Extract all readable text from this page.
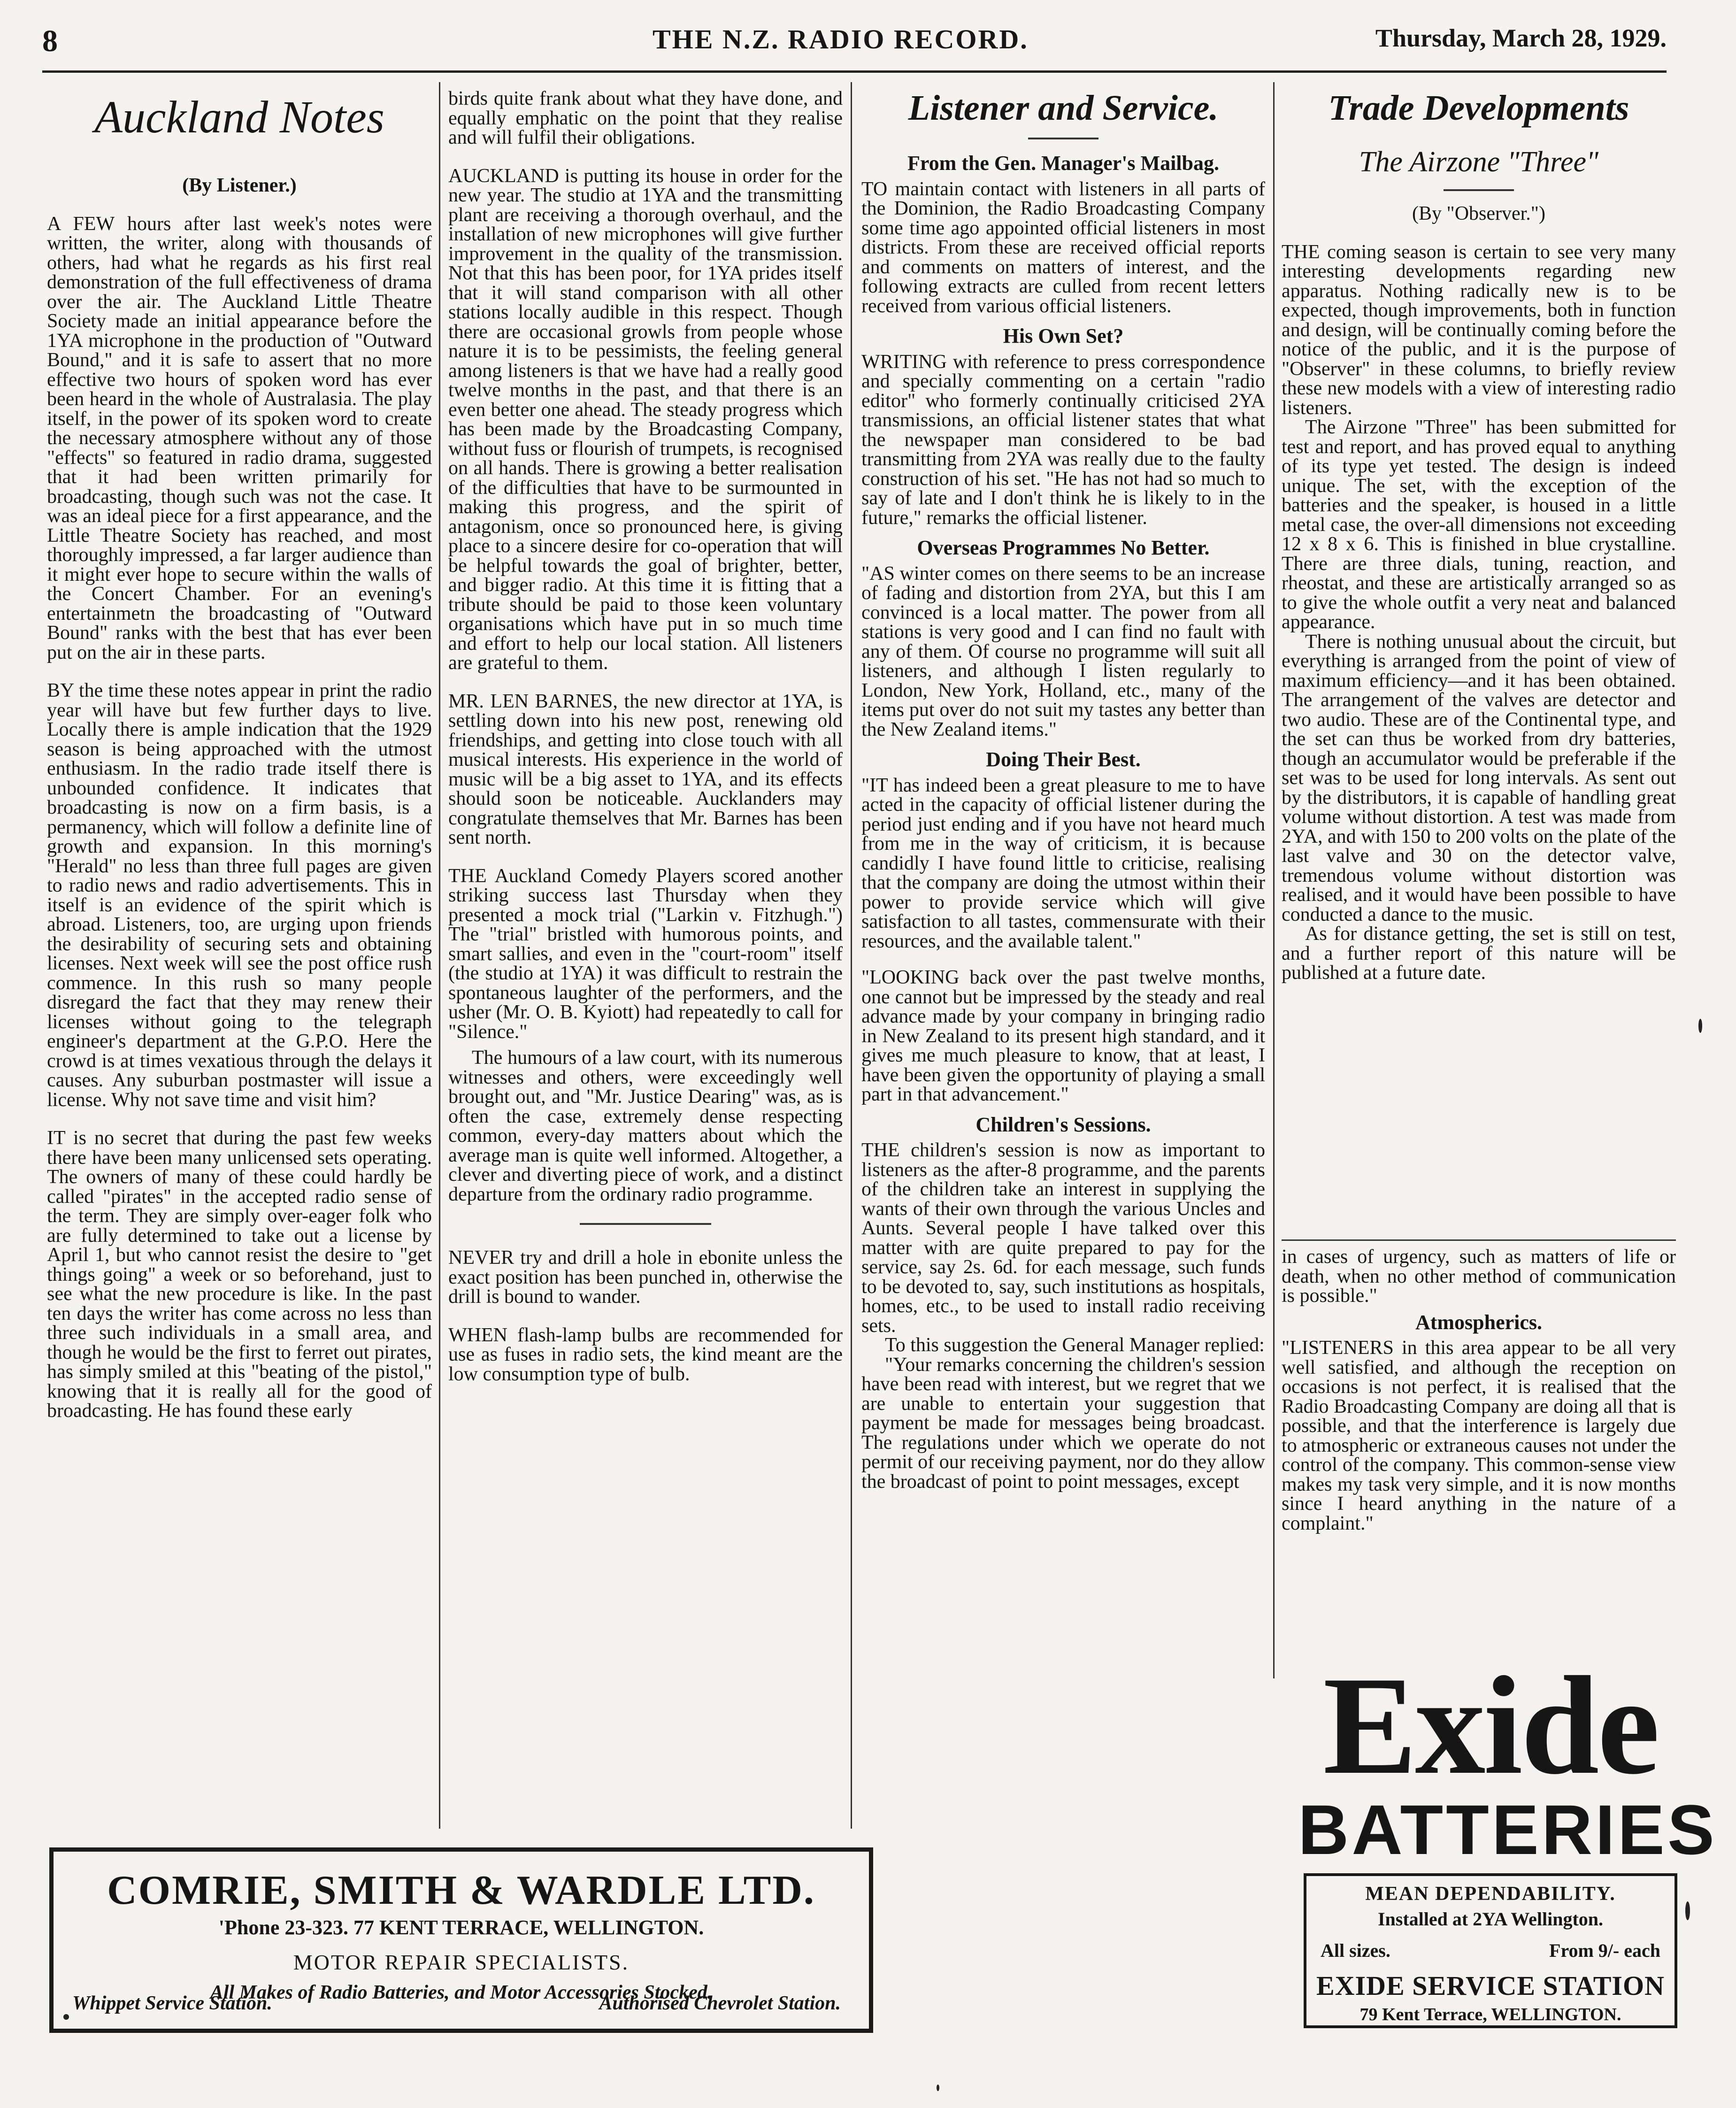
8	THE N.Z. RADIO RECORD.	Thursday, March 28, 1929.
Auckland Notes
(By Listener.)
A FEW hours after last week's notes were written, the writer, along with thousands of others, had what he regards as his first real demonstration of the full effectiveness of drama over the air. The Auckland Little Theatre Society made an initial appearance before the 1YA microphone in the production of "Outward Bound," and it is safe to assert that no more effective two hours of spoken word has ever been heard in the whole of Australasia. The play itself, in the power of its spoken word to create the necessary atmosphere without any of those "effects" so featured in radio drama, suggested that it had been written primarily for broadcasting, though such was not the case. It was an ideal piece for a first appearance, and the Little Theatre Society has reached, and most thoroughly impressed, a far larger audience than it might ever hope to secure within the walls of the Concert Chamber. For an evening's entertainmetn the broadcasting of "Outward Bound" ranks with the best that has ever been put on the air in these parts.
BY the time these notes appear in print the radio year will have but few further days to live. Locally there is ample indication that the 1929 season is being approached with the utmost enthusiasm. In the radio trade itself there is unbounded confidence. It indicates that broadcasting is now on a firm basis, is a permanency, which will follow a definite line of growth and expansion. In this morning's "Herald" no less than three full pages are given to radio news and radio advertisements. This in itself is an evidence of the spirit which is abroad. Listeners, too, are urging upon friends the desirability of securing sets and obtaining licenses. Next week will see the post office rush commence. In this rush so many people disregard the fact that they may renew their licenses without going to the telegraph engineer's department at the G.P.O. Here the crowd is at times vexatious through the delays it causes. Any suburban postmaster will issue a license. Why not save time and visit him?
IT is no secret that during the past few weeks there have been many unlicensed sets operating. The owners of many of these could hardly be called "pirates" in the accepted radio sense of the term. They are simply over-eager folk who are fully determined to take out a license by April 1, but who cannot resist the desire to "get things going" a week or so beforehand, just to see what the new procedure is like. In the past ten days the writer has come across no less than three such individuals in a small area, and though he would be the first to ferret out pirates, has simply smiled at this "beating of the pistol," knowing that it is really all for the good of broadcasting. He has found these early
birds quite frank about what they have done, and equally emphatic on the point that they realise and will fulfil their obligations.
AUCKLAND is putting its house in order for the new year. The studio at 1YA and the transmitting plant are receiving a thorough overhaul, and the installation of new microphones will give further improvement in the quality of the transmission. Not that this has been poor, for 1YA prides itself that it will stand comparison with all other stations locally audible in this respect. Though there are occasional growls from people whose nature it is to be pessimists, the feeling general among listeners is that we have had a really good twelve months in the past, and that there is an even better one ahead. The steady progress which has been made by the Broadcasting Company, without fuss or flourish of trumpets, is recognised on all hands. There is growing a better realisation of the difficulties that have to be surmounted in making this progress, and the spirit of antagonism, once so pronounced here, is giving place to a sincere desire for co-operation that will be helpful towards the goal of brighter, better, and bigger radio. At this time it is fitting that a tribute should be paid to those keen voluntary organisations which have put in so much time and effort to help our local station. All listeners are grateful to them.
MR. LEN BARNES, the new director at 1YA, is settling down into his new post, renewing old friendships, and getting into close touch with all musical interests. His experience in the world of music will be a big asset to 1YA, and its effects should soon be noticeable. Aucklanders may congratulate themselves that Mr. Barnes has been sent north.
THE Auckland Comedy Players scored another striking success last Thursday when they presented a mock trial ("Larkin v. Fitzhugh.") The "trial" bristled with humorous points, and smart sallies, and even in the "court-room" itself (the studio at 1YA) it was difficult to restrain the spontaneous laughter of the performers, and the usher (Mr. O. B. Kyiott) had repeatedly to call for "Silence."
The humours of a law court, with its numerous witnesses and others, were exceedingly well brought out, and "Mr. Justice Dearing" was, as is often the case, extremely dense respecting common, every-day matters about which the average man is quite well informed. Altogether, a clever and diverting piece of work, and a distinct departure from the ordinary radio programme.
NEVER try and drill a hole in ebonite unless the exact position has been punched in, otherwise the drill is bound to wander.
WHEN flash-lamp bulbs are recommended for use as fuses in radio sets, the kind meant are the low consumption type of bulb.
Listener and Service.
From the Gen. Manager's Mailbag.
TO maintain contact with listeners in all parts of the Dominion, the Radio Broadcasting Company some time ago appointed official listeners in most districts. From these are received official reports and comments on matters of interest, and the following extracts are culled from recent letters received from various official listeners.
His Own Set?
WRITING with reference to press correspondence and specially commenting on a certain "radio editor" who formerly continually criticised 2YA transmissions, an official listener states that what the newspaper man considered to be bad transmitting from 2YA was really due to the faulty construction of his set. "He has not had so much to say of late and I don't think he is likely to in the future," remarks the official listener.
Overseas Programmes No Better.
"AS winter comes on there seems to be an increase of fading and distortion from 2YA, but this I am convinced is a local matter. The power from all stations is very good and I can find no fault with any of them. Of course no programme will suit all listeners, and although I listen regularly to London, New York, Holland, etc., many of the items put over do not suit my tastes any better than the New Zealand items."
Doing Their Best.
"IT has indeed been a great pleasure to me to have acted in the capacity of official listener during the period just ending and if you have not heard much from me in the way of criticism, it is because candidly I have found little to criticise, realising that the company are doing the utmost within their power to provide service which will give satisfaction to all tastes, commensurate with their resources, and the available talent."
"LOOKING back over the past twelve months, one cannot but be impressed by the steady and real advance made by your company in bringing radio in New Zealand to its present high standard, and it gives me much pleasure to know, that at least, I have been given the opportunity of playing a small part in that advancement."
Children's Sessions.
THE children's session is now as important to listeners as the after-8 programme, and the parents of the children take an interest in supplying the wants of their own through the various Uncles and Aunts. Several people I have talked over this matter with are quite prepared to pay for the service, say 2s. 6d. for each message, such funds to be devoted to, say, such institutions as hospitals, homes, etc., to be used to install radio receiving sets.
To this suggestion the General Manager replied:
"Your remarks concerning the children's session have been read with interest, but we regret that we are unable to entertain your suggestion that payment be made for messages being broadcast. The regulations under which we operate do not permit of our receiving payment, nor do they allow the broadcast of point to point messages, except
Trade Developments
The Airzone "Three"
(By "Observer.")
THE coming season is certain to see very many interesting developments regarding new apparatus. Nothing radically new is to be expected, though improvements, both in function and design, will be continually coming before the notice of the public, and it is the purpose of "Observer" in these columns, to briefly review these new models with a view of interesting radio listeners.
The Airzone "Three" has been submitted for test and report, and has proved equal to anything of its type yet tested. The design is indeed unique. The set, with the exception of the batteries and the speaker, is housed in a little metal case, the over-all dimensions not exceeding 12 x 8 x 6. This is finished in blue crystalline. There are three dials, tuning, reaction, and rheostat, and these are artistically arranged so as to give the whole outfit a very neat and balanced appearance.
There is nothing unusual about the circuit, but everything is arranged from the point of view of maximum efficiency—and it has been obtained. The arrangement of the valves are detector and two audio. These are of the Continental type, and the set can thus be worked from dry batteries, though an accumulator would be preferable if the set was to be used for long intervals. As sent out by the distributors, it is capable of handling great volume without distortion. A test was made from 2YA, and with 150 to 200 volts on the plate of the last valve and 30 on the detector valve, tremendous volume without distortion was realised, and it would have been possible to have conducted a dance to the music.
As for distance getting, the set is still on test, and a further report of this nature will be published at a future date.
in cases of urgency, such as matters of life or death, when no other method of communication is possible."
Atmospherics.
"LISTENERS in this area appear to be all very well satisfied, and although the reception on occasions is not perfect, it is realised that the Radio Broadcasting Company are doing all that is possible, and that the interference is largely due to atmospheric or extraneous causes not under the control of the company. This common-sense view makes my task very simple, and it is now months since I heard anything in the nature of a complaint."
COMRIE, SMITH & WARDLE LTD.
'Phone 23-323. 77 KENT TERRACE, WELLINGTON.
MOTOR REPAIR SPECIALISTS.
All Makes of Radio Batteries, and Motor Accessories Stocked.
Whippet Service Station.	Authorised Chevrolet Station.
Exide
BATTERIES
MEAN DEPENDABILITY.
Installed at 2YA Wellington.
All sizes.	From 9/- each
EXIDE SERVICE STATION
79 Kent Terrace, WELLINGTON.
